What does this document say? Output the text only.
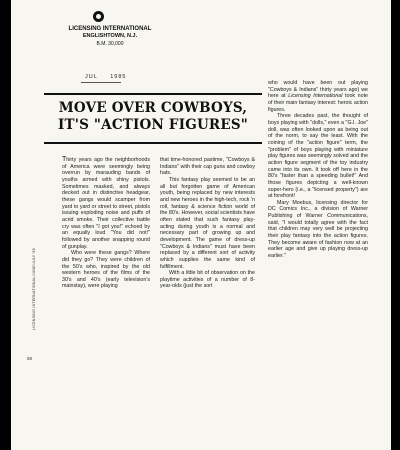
LICENSING INTERNATIONAL
ENGLISHTOWN, N.J.
B.M. 30,000
JUL     1985
MOVE OVER COWBOYS,
IT'S "ACTION FIGURES"

Thirty years ago the neighborhoods of America were seemingly being overrun by marauding bands of youths armed with shiny pistols. Sometimes masked, and always decked out in distinctive headgear, these gangs would scamper from yard to yard or street to street, pistols issuing exploding noise and puffs of acrid smoke. Their collective battle cry was often "I got you!" echoed by an equally loud "You did not!" followed by another snapping round of gunplay.

Who were these gangs? Where did they go? They were children of the 50's who, inspired by the old western heroes of the films of the 30's and 40's (early television's mainstay), were playing

that time-honored pastime, "Cowboys & Indians" with their cap guns and cowboy hats.

This fantasy play seemed to be an all but forgotten game of American youth, being replaced by new interests and new heroes in the high-tech, rock 'n roll, fantasy & science fiction world of the 80's. However, social scientists have often stated that such fantasy play-acting during youth is a normal and necessary part of growing up and development. The game of dress-up "Cowboys & Indians" must have been replaced by a different sort of activity which supplies the same kind of fulfillment.

With a little bit of observation on the playtime activities of a number of 8-year-olds (just the sort

who would have been out playing "Cowboys & Indians" thirty years ago) we here at Licensing International took note of their main fantasy interest: heroic action figures.

Three decades past, the thought of boys playing with "dolls," even a "G.I. Joe" doll, was often looked upon as being out of the norm, to say the least. With the coining of the "action figure" term, the "problem" of boys playing with miniature play figures was seemingly solved and the action figure segment of the toy industry came into its own. It took off here in the 80's "faster than a speeding bullet!" And those figures depicting a well-known super-hero (i.e., a "licensed property") are at forefront!

Mary Moebus, licensing director for DC Comics Inc., a division of Warner Publishing of Warner Communications, said, "I would totally agree with the fact that children may very well be projecting their play fantasy into the action figures. They become aware of fashion now at an earlier age and give up playing dress-up earlier."

LICENSING INTERNATIONAL/JUNE/JULY '85
58
